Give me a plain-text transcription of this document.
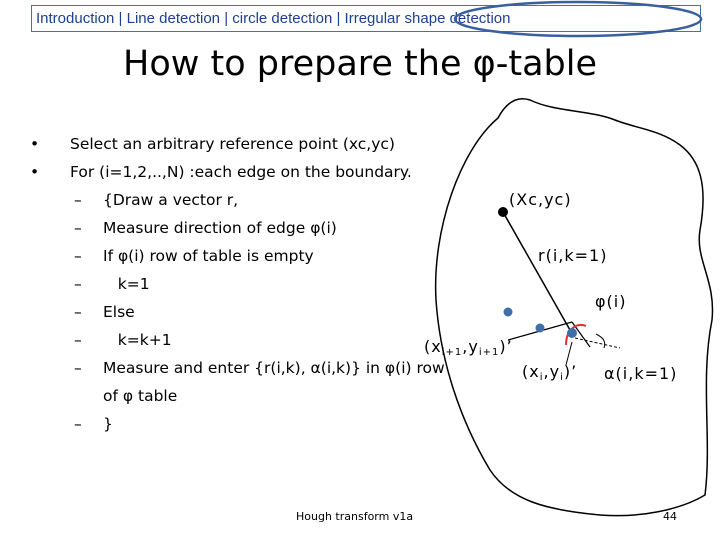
Introduction | Line detection | circle detection | Irregular shape detection
How to prepare the φ-table
• Select an arbitrary reference point (xc,yc)
• For (i=1,2,..,N) :each edge on the boundary.
– {Draw a vector r,
– Measure direction of edge φ(i)
– If φ(i) row of table is empty
– k=1
– Else
– k=k+1
– Measure and enter {r(i,k), α(i,k)} in φ(i) row
of φ table
– }
(Xc,yc)
r(i,k=1)
φ(i)
$(x_{i+1},y_{i+1})$’
$(x_i,y_i)$’ α(i,k=1)
Hough transform v1a	44
